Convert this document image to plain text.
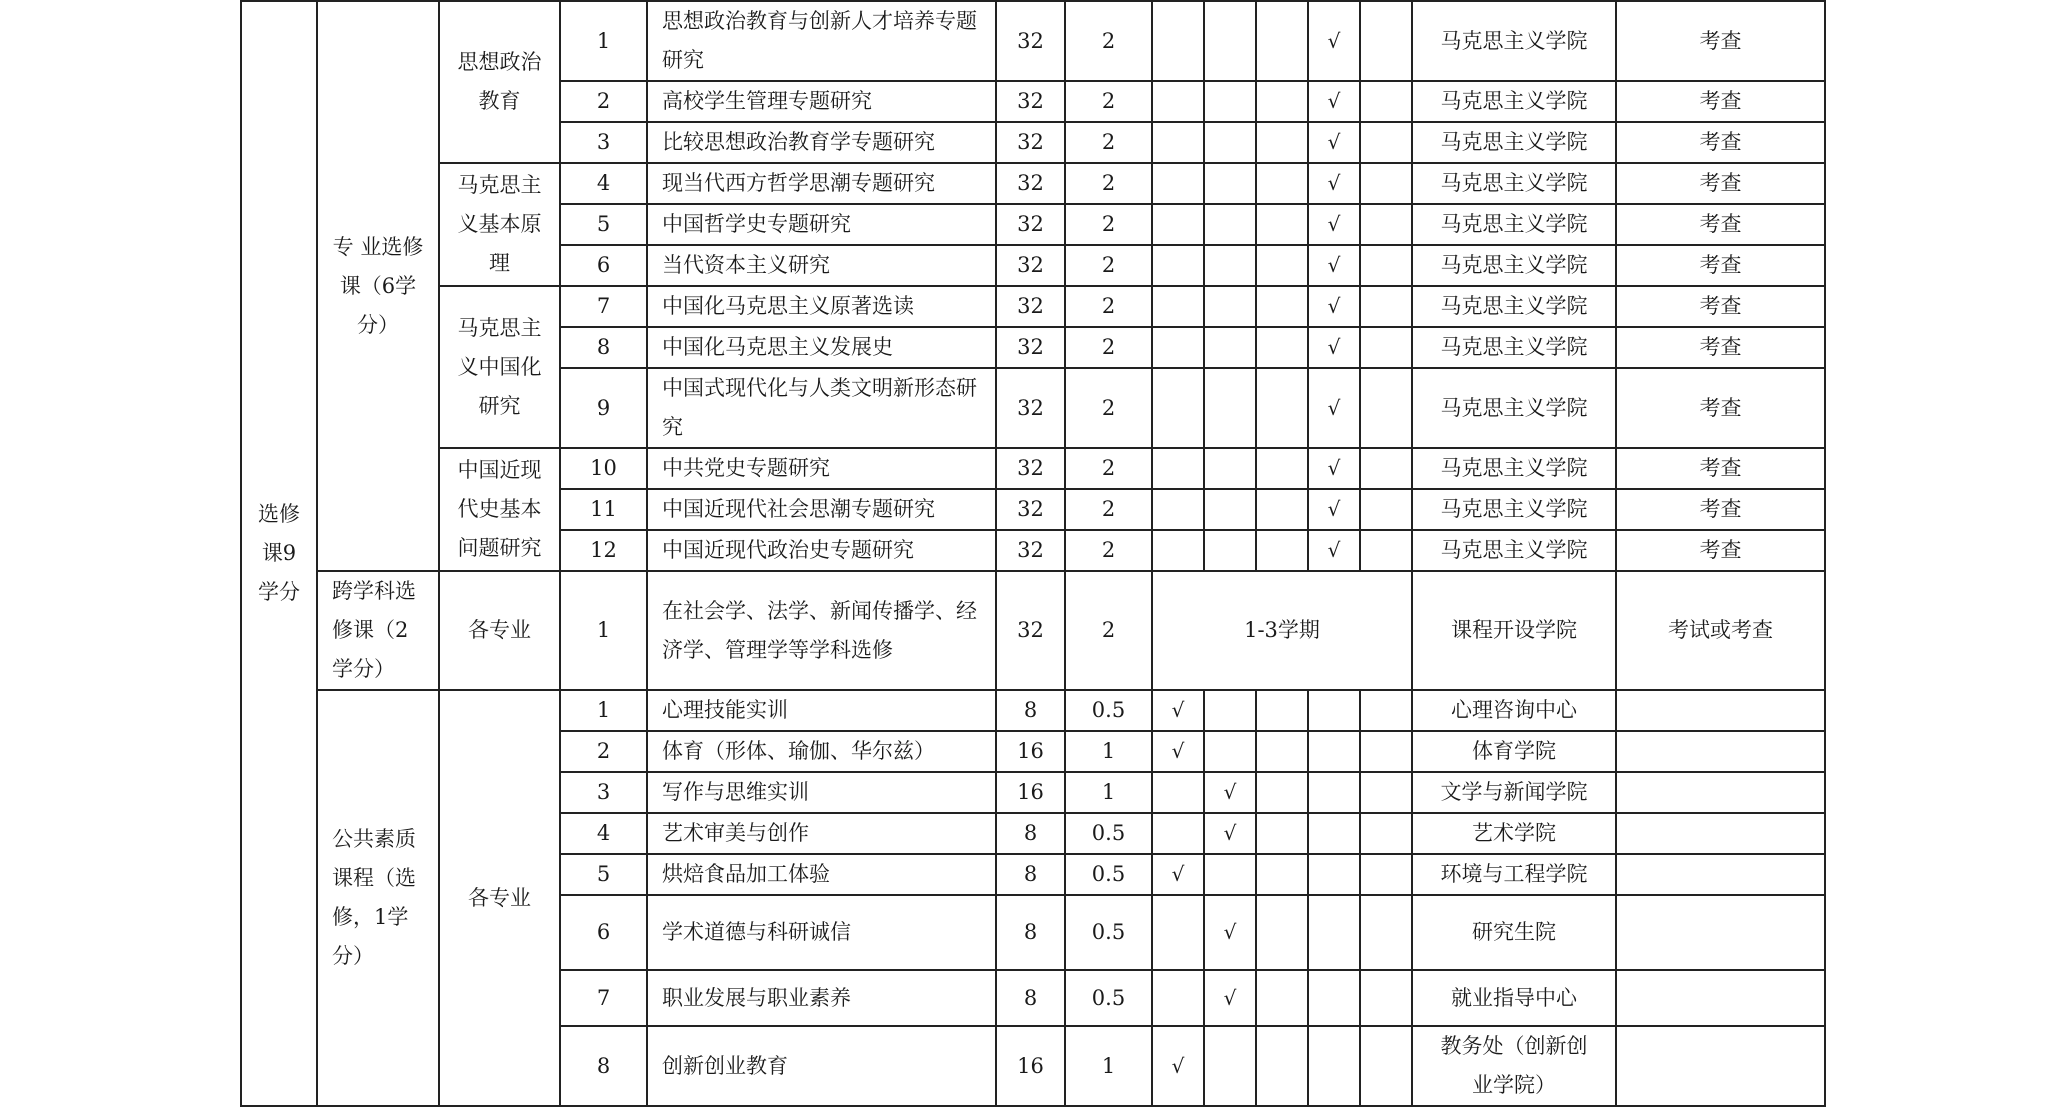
选修课9学分	专 业选修课（6学分）	思想政治教育	1	思想政治教育与创新人才培养专题研究	32	2				√		马克思主义学院	考查
			2	高校学生管理专题研究	32	2				√		马克思主义学院	考查
			3	比较思想政治教育学专题研究	32	2				√		马克思主义学院	考查
		马克思主义基本原理	4	现当代西方哲学思潮专题研究	32	2				√		马克思主义学院	考查
			5	中国哲学史专题研究	32	2				√		马克思主义学院	考查
			6	当代资本主义研究	32	2				√		马克思主义学院	考查
		马克思主义中国化研究	7	中国化马克思主义原著选读	32	2				√		马克思主义学院	考查
			8	中国化马克思主义发展史	32	2				√		马克思主义学院	考查
			9	中国式现代化与人类文明新形态研究	32	2				√		马克思主义学院	考查
		中国近现代史基本问题研究	10	中共党史专题研究	32	2				√		马克思主义学院	考查
			11	中国近现代社会思潮专题研究	32	2				√		马克思主义学院	考查
			12	中国近现代政治史专题研究	32	2				√		马克思主义学院	考查
	跨学科选修课（2学分）	各专业	1	在社会学、法学、新闻传播学、经济学、管理学等学科选修	32	2	1-3学期					课程开设学院	考试或考查
	公共素质课程（选修，1学分）	各专业	1	心理技能实训	8	0.5	√					心理咨询中心	
			2	体育（形体、瑜伽、华尔兹）	16	1	√					体育学院	
			3	写作与思维实训	16	1		√				文学与新闻学院	
			4	艺术审美与创作	8	0.5		√				艺术学院	
			5	烘焙食品加工体验	8	0.5	√					环境与工程学院	
			6	学术道德与科研诚信	8	0.5		√				研究生院	
			7	职业发展与职业素养	8	0.5		√				就业指导中心	
			8	创新创业教育	16	1	√					教务处（创新创业学院）	
